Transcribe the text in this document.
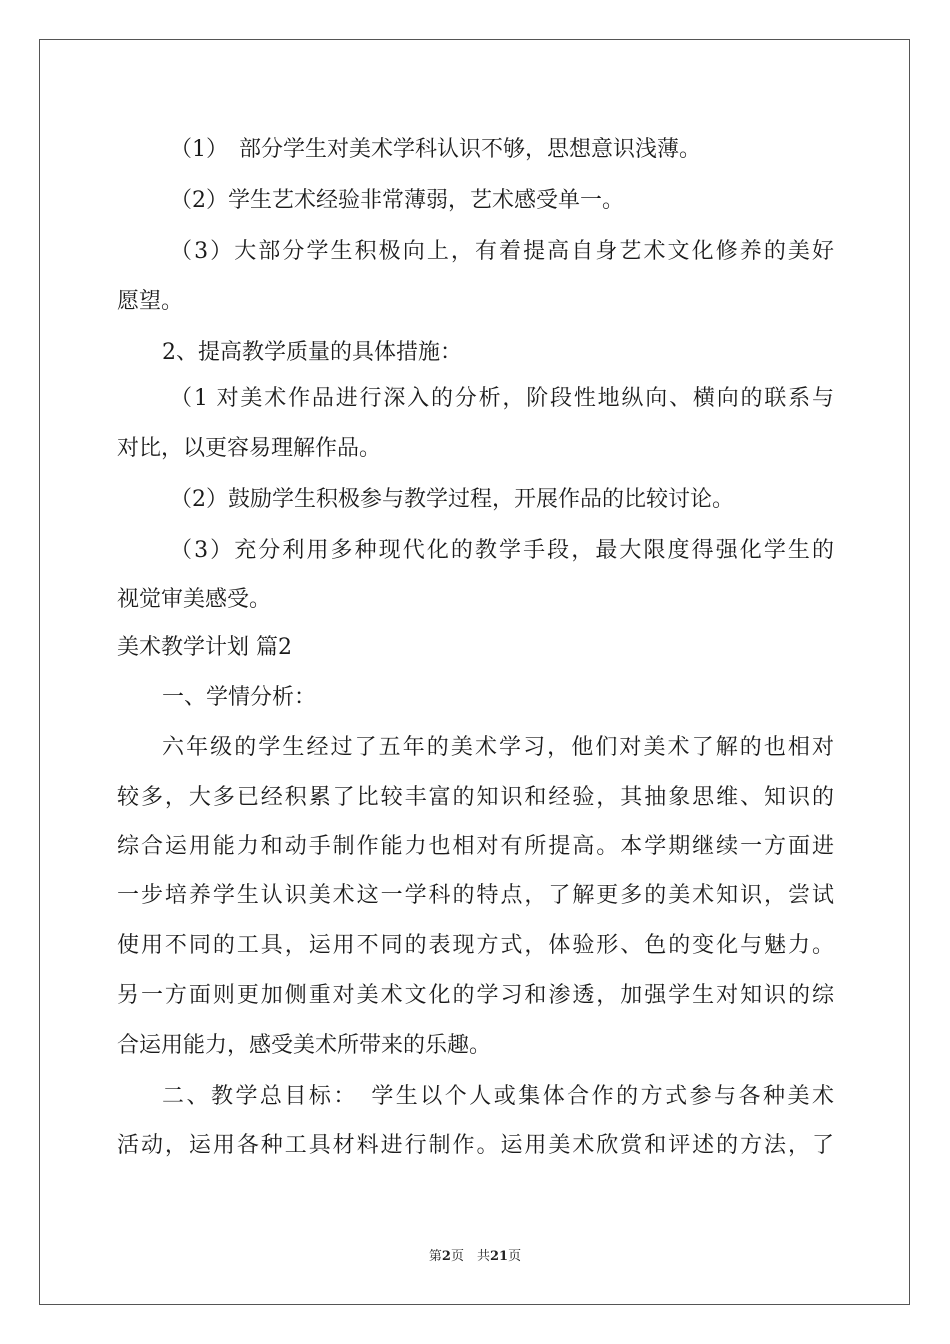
（1）　部分学生对美术学科认识不够，思想意识浅薄。
（2）学生艺术经验非常薄弱，艺术感受单一。
（3）大部分学生积极向上，有着提高自身艺术文化修养的美好
愿望。
2、提高教学质量的具体措施：
（1 对美术作品进行深入的分析，阶段性地纵向、横向的联系与
对比，以更容易理解作品。
（2）鼓励学生积极参与教学过程，开展作品的比较讨论。
（3）充分利用多种现代化的教学手段，最大限度得强化学生的
视觉审美感受。
美术教学计划 篇2
一、学情分析：
六年级的学生经过了五年的美术学习，他们对美术了解的也相对
较多，大多已经积累了比较丰富的知识和经验，其抽象思维、知识的
综合运用能力和动手制作能力也相对有所提高。本学期继续一方面进
一步培养学生认识美术这一学科的特点，了解更多的美术知识，尝试
使用不同的工具，运用不同的表现方式，体验形、色的变化与魅力。
另一方面则更加侧重对美术文化的学习和渗透，加强学生对知识的综
合运用能力，感受美术所带来的乐趣。
二、教学总目标：　学生以个人或集体合作的方式参与各种美术
活动，运用各种工具材料进行制作。运用美术欣赏和评述的方法，了
第2页　共21页
